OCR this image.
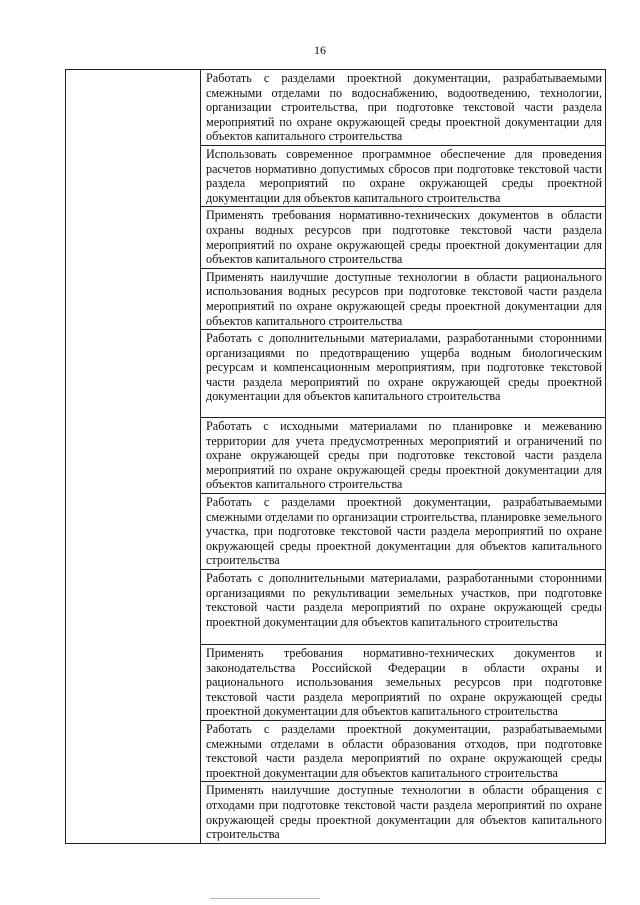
16

Работать с разделами проектной документации, разрабатываемыми смежными отделами по водоснабжению, водоотведению, технологии, организации строительства, при подготовке текстовой части раздела мероприятий по охране окружающей среды проектной документации для объектов капитального строительства

Использовать современное программное обеспечение для проведения расчетов нормативно допустимых сбросов при подготовке текстовой части раздела мероприятий по охране окружающей среды проектной документации для объектов капитального строительства

Применять требования нормативно-технических документов в области охраны водных ресурсов при подготовке текстовой части раздела мероприятий по охране окружающей среды проектной документации для объектов капитального строительства

Применять наилучшие доступные технологии в области рационального использования водных ресурсов при подготовке текстовой части раздела мероприятий по охране окружающей среды проектной документации для объектов капитального строительства

Работать с дополнительными материалами, разработанными сторонними организациями по предотвращению ущерба водным биологическим ресурсам и компенсационным мероприятиям, при подготовке текстовой части раздела мероприятий по охране окружающей среды проектной документации для объектов капитального строительства

Работать с исходными материалами по планировке и межеванию территории для учета предусмотренных мероприятий и ограничений по охране окружающей среды при подготовке текстовой части раздела мероприятий по охране окружающей среды проектной документации для объектов капитального строительства

Работать с разделами проектной документации, разрабатываемыми смежными отделами по организации строительства, планировке земельного участка, при подготовке текстовой части раздела мероприятий по охране окружающей среды проектной документации для объектов капитального строительства

Работать с дополнительными материалами, разработанными сторонними организациями по рекультивации земельных участков, при подготовке текстовой части раздела мероприятий по охране окружающей среды проектной документации для объектов капитального строительства

Применять требования нормативно-технических документов и законодательства Российской Федерации в области охраны и рационального использования земельных ресурсов при подготовке текстовой части раздела мероприятий по охране окружающей среды проектной документации для объектов капитального строительства

Работать с разделами проектной документации, разрабатываемыми смежными отделами в области образования отходов, при подготовке текстовой части раздела мероприятий по охране окружающей среды проектной документации для объектов капитального строительства

Применять наилучшие доступные технологии в области обращения с отходами при подготовке текстовой части раздела мероприятий по охране окружающей среды проектной документации для объектов капитального строительства
